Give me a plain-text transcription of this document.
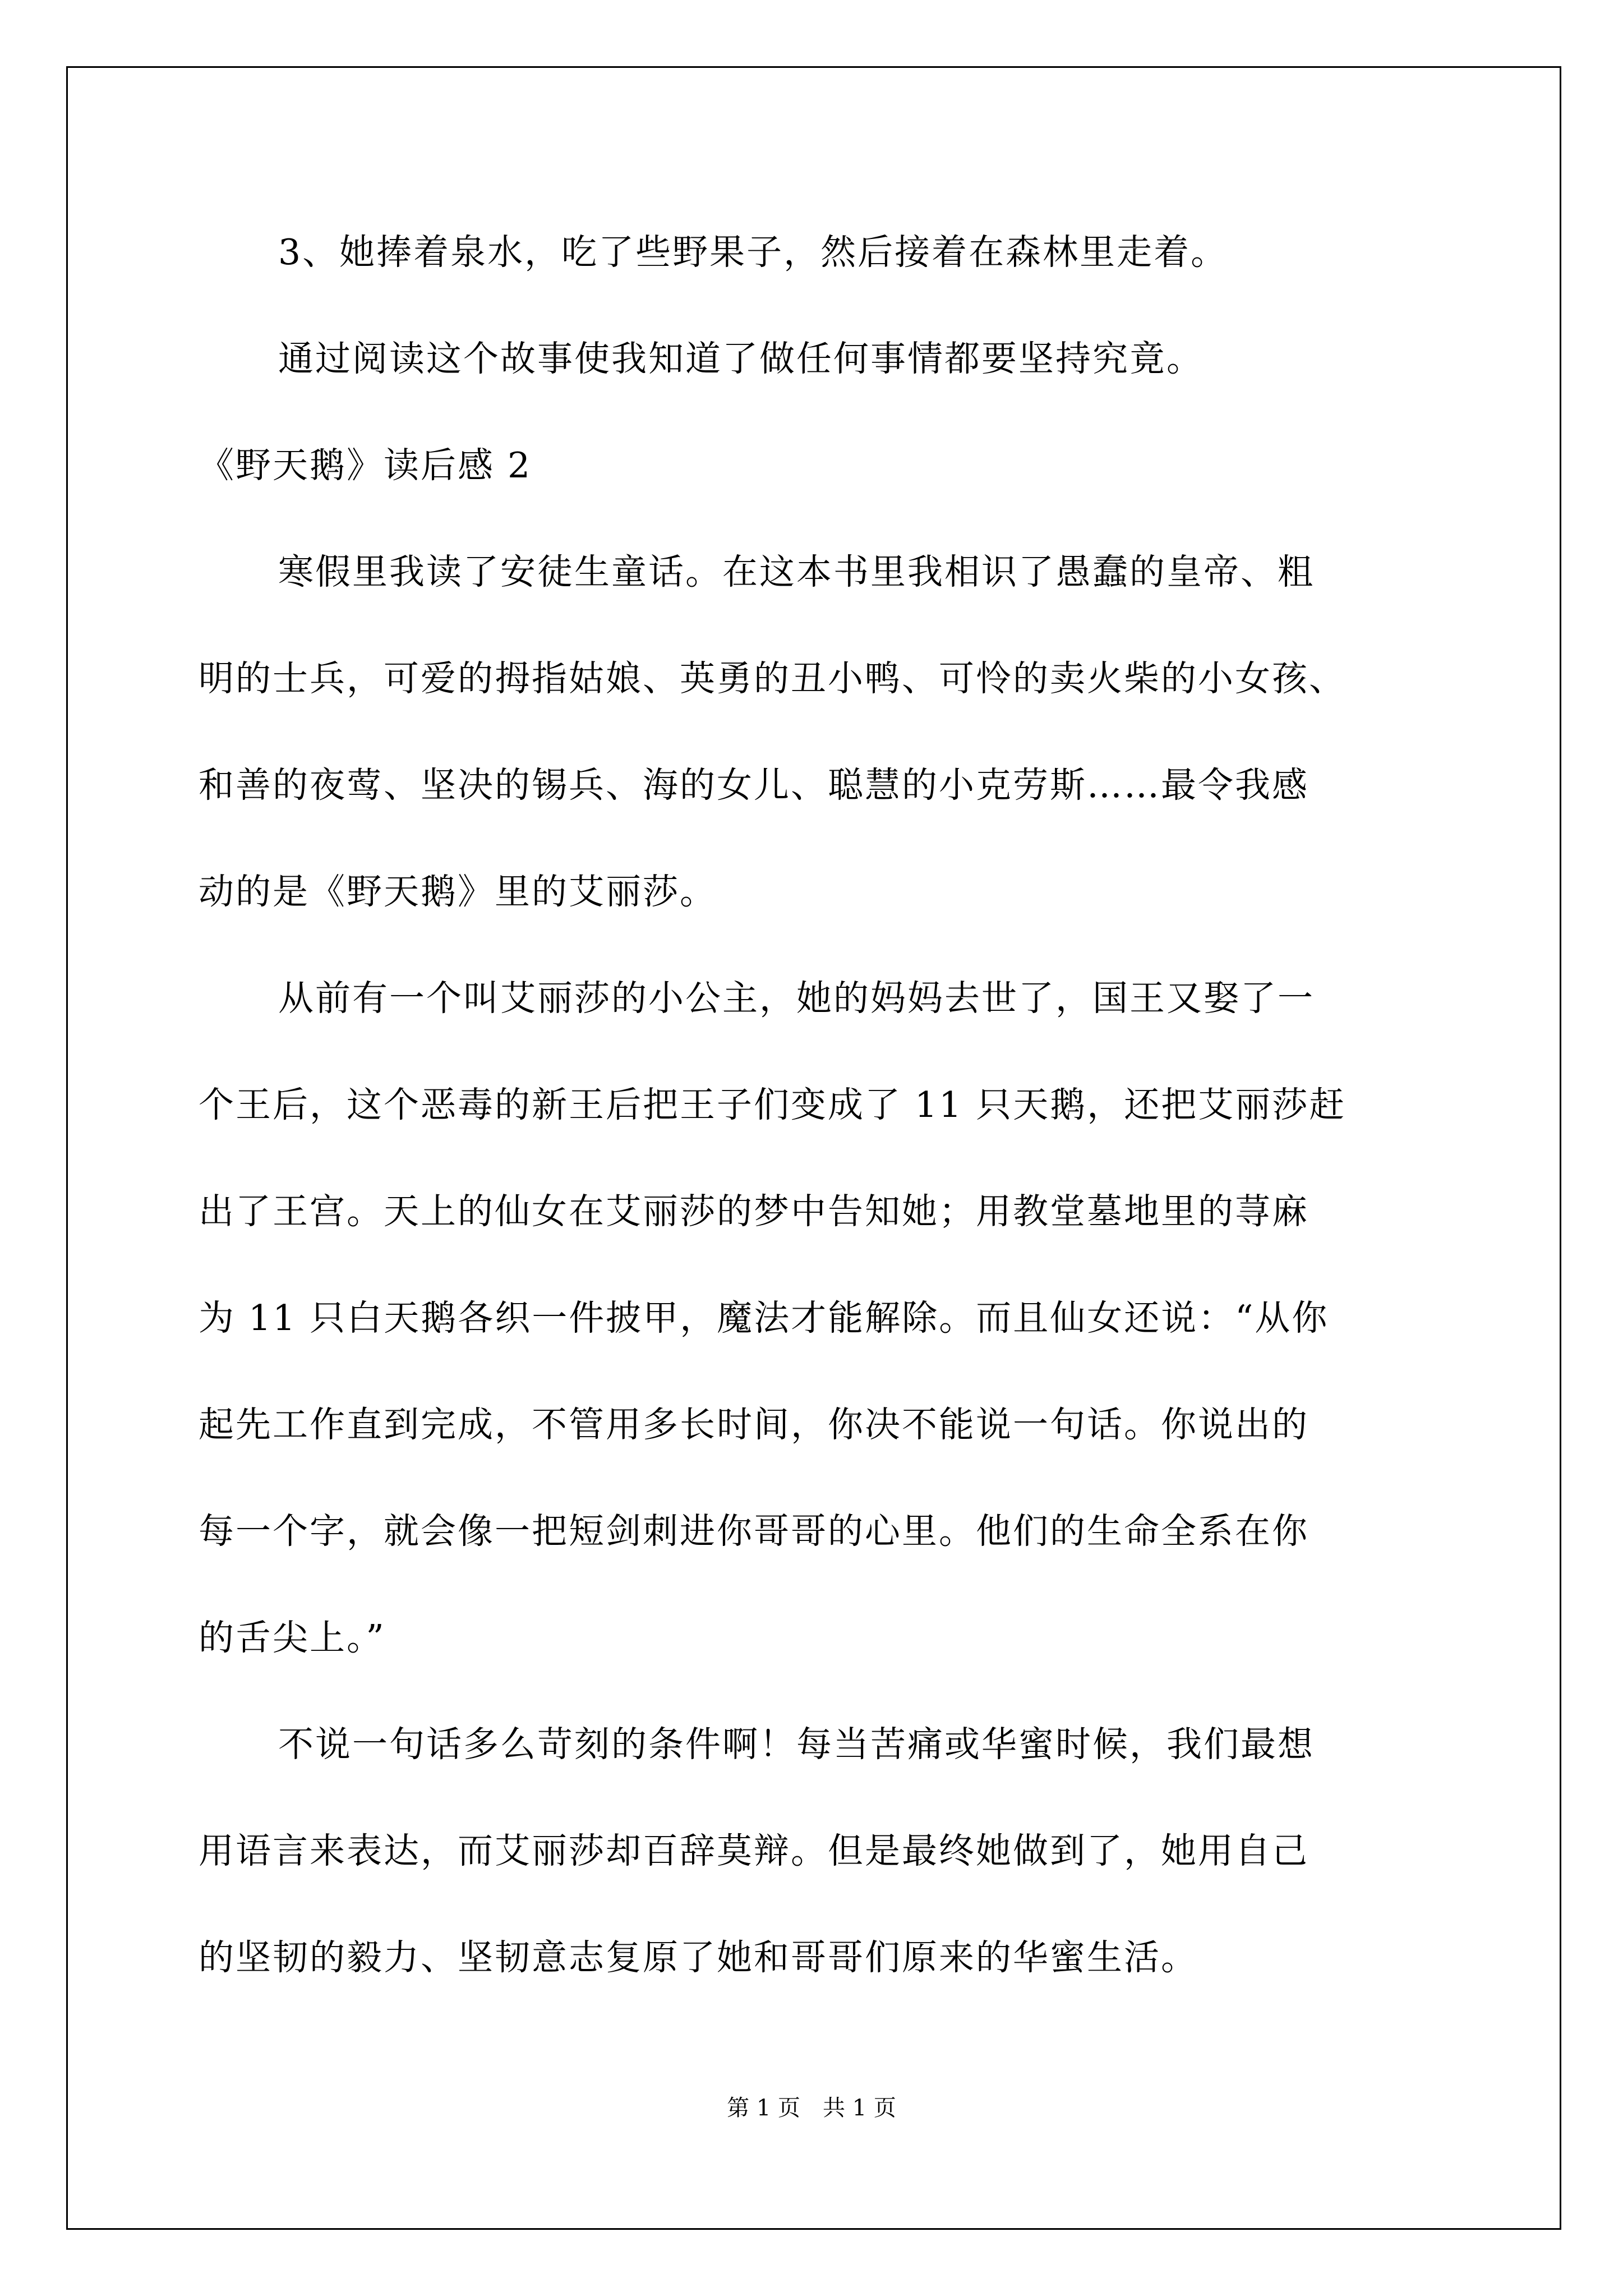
3、她捧着泉水，吃了些野果子，然后接着在森林里走着。
通过阅读这个故事使我知道了做任何事情都要坚持究竟。
《野天鹅》读后感 2
寒假里我读了安徒生童话。在这本书里我相识了愚蠢的皇帝、粗
明的士兵，可爱的拇指姑娘、英勇的丑小鸭、可怜的卖火柴的小女孩、
和善的夜莺、坚决的锡兵、海的女儿、聪慧的小克劳斯……最令我感
动的是《野天鹅》里的艾丽莎。
从前有一个叫艾丽莎的小公主，她的妈妈去世了，国王又娶了一
个王后，这个恶毒的新王后把王子们变成了 11 只天鹅，还把艾丽莎赶
出了王宫。天上的仙女在艾丽莎的梦中告知她；用教堂墓地里的荨麻
为 11 只白天鹅各织一件披甲，魔法才能解除。而且仙女还说：“从你
起先工作直到完成，不管用多长时间，你决不能说一句话。你说出的
每一个字，就会像一把短剑刺进你哥哥的心里。他们的生命全系在你
的舌尖上。”
不说一句话多么苛刻的条件啊！每当苦痛或华蜜时候，我们最想
用语言来表达，而艾丽莎却百辞莫辩。但是最终她做到了，她用自己
的坚韧的毅力、坚韧意志复原了她和哥哥们原来的华蜜生活。
第 1 页　共 1 页
